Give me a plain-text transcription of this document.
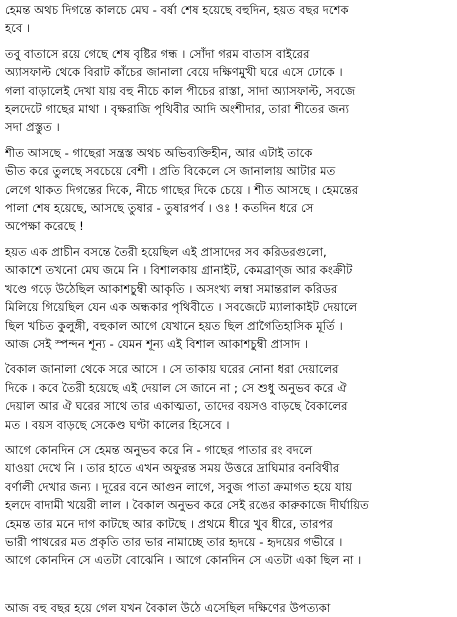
হেমন্ত অথচ দিগন্তে কালচে মেঘ - বর্ষা শেষ হয়েছে বহুদিন, হয়ত বছর দশেক
হবে ।
তবু বাতাসে রয়ে গেছে শেষ বৃষ্টির গন্ধ । সোঁদা গরম বাতাস বাইরের
অ্যাসফাল্ট থেকে বিরাট কাঁচের জানালা বেয়ে দক্ষিণমুখী ঘরে এসে ঢোকে ।
গলা বাড়ালেই দেখা যায় বহু নীচে কাল পীচের রাস্তা, সাদা অ্যাসফাল্ট, সবজে
হলদেটে গাছের মাথা । বৃক্ষরাজি পৃথিবীর আদি অংশীদার, তারা শীতের জন্য
সদা প্রস্তুত ।
শীত আসছে - গাছেরা সন্ত্রস্ত অথচ অভিব্যক্তিহীন, আর এটাই তাকে
ভীত করে তুলছে সবচেয়ে বেশী । প্রতি বিকেলে সে জানালায় আটার মত
লেগে থাকত দিগন্তের দিকে, নীচে গাছের দিকে চেয়ে । শীত আসছে । হেমন্তের
পালা শেষ হয়েছে, আসছে তুষার - তুষারপর্ব । ওঃ ! কতদিন ধরে সে
অপেক্ষা করেছে !
হয়ত এক প্রাচীন বসন্তে তৈরী হয়েছিল এই প্রাসাদের সব করিডরগুলো,
আকাশে তখনো মেঘ জমে নি । বিশালকায় গ্রানাইট, কেমব্রাণ্জ আর কংক্রীট
খণ্ডে গড়ে উঠেছিল আকাশচুম্বী আকৃতি । অসংখ্য লম্বা সমান্তরাল করিডর
মিলিয়ে গিয়েছিল যেন এক অন্ধকার পৃথিবীতে । সবজেটে ম্যালাকাইট দেয়ালে
ছিল খচিত কুলুঙ্গী, বহুকাল আগে যেখানে হয়ত ছিল প্রাগৈতিহাসিক মূর্তি ।
আজ সেই স্পন্দন শূন্য - যেমন শূন্য এই বিশাল আকাশচুম্বী প্রাসাদ ।
বৈকাল জানালা থেকে সরে আসে । সে তাকায় ঘরের নোনা ধরা দেয়ালের
দিকে । কবে তৈরী হয়েছে এই দেয়াল সে জানে না ; সে শুধু অনুভব করে ঐ
দেয়াল আর ঐ ঘরের সাথে তার একাত্মতা, তাদের বয়সও বাড়ছে বৈকালের
মত । বয়স বাড়ছে সেকেণ্ড ঘণ্টা কালের হিসেবে ।
আগে কোনদিন সে হেমন্ত অনুভব করে নি - গাছের পাতার রং বদলে
যাওয়া দেখে নি । তার হাতে এখন অফুরন্ত সময় উত্তরে দ্রাঘিমার বনবিথীর
বর্ণালী দেখার জন্য । দূরের বনে আগুন লাগে, সবুজ পাতা ক্রমাগত হয়ে যায়
হলদে বাদামী খয়েরী লাল । বৈকাল অনুভব করে সেই রঙের কারুকাজে দীর্ঘায়িত
হেমন্ত তার মনে দাগ কাটছে আর কাটছে । প্রথমে ধীরে খুব ধীরে, তারপর
ভারী পাথরের মত প্রকৃতি তার ভার নামাচ্ছে তার হৃদয়ে - হৃদয়ের গভীরে ।
আগে কোনদিন সে এতটা বোঝেনি । আগে কোনদিন সে এতটা একা ছিল না ।
আজ বহু বছর হয়ে গেল যখন বৈকাল উঠে এসেছিল দক্ষিণের উপত্যকা
